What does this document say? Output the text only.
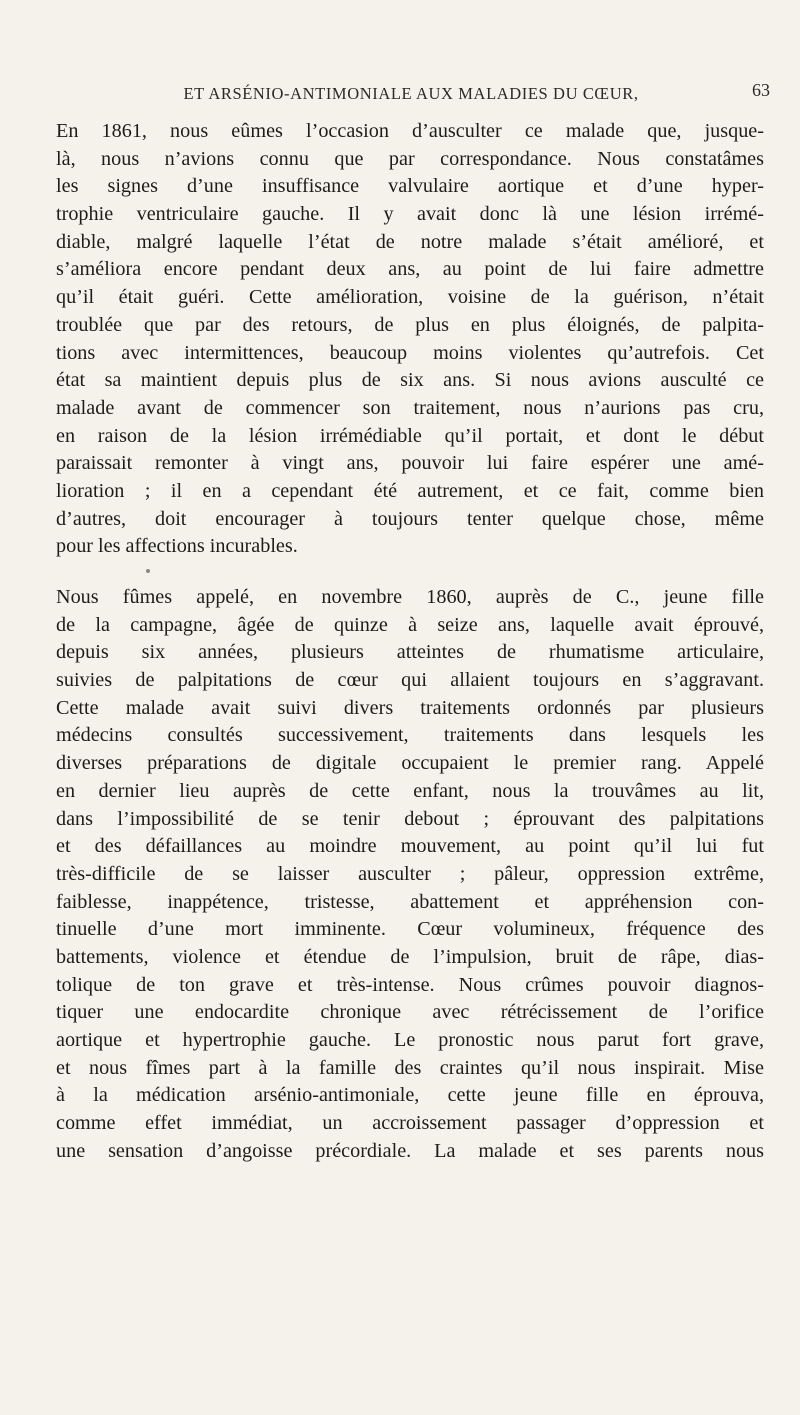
ET ARSÉNIO-ANTIMONIALE AUX MALADIES DU CŒUR,	63
En 1861, nous eûmes l’occasion d’ausculter ce malade que, jusque-
là, nous n’avions connu que par correspondance. Nous constatâmes
les signes d’une insuffisance valvulaire aortique et d’une hyper-
trophie ventriculaire gauche. Il y avait donc là une lésion irrémé-
diable, malgré laquelle l’état de notre malade s’était amélioré, et
s’améliora encore pendant deux ans, au point de lui faire admettre
qu’il était guéri. Cette amélioration, voisine de la guérison, n’était
troublée que par des retours, de plus en plus éloignés, de palpita-
tions avec intermittences, beaucoup moins violentes qu’autrefois. Cet
état sa maintient depuis plus de six ans. Si nous avions ausculté ce
malade avant de commencer son traitement, nous n’aurions pas cru,
en raison de la lésion irrémédiable qu’il portait, et dont le début
paraissait remonter à vingt ans, pouvoir lui faire espérer une amé-
lioration ; il en a cependant été autrement, et ce fait, comme bien
d’autres, doit encourager à toujours tenter quelque chose, même
pour les affections incurables.
Nous fûmes appelé, en novembre 1860, auprès de C., jeune fille
de la campagne, âgée de quinze à seize ans, laquelle avait éprouvé,
depuis six années, plusieurs atteintes de rhumatisme articulaire,
suivies de palpitations de cœur qui allaient toujours en s’aggravant.
Cette malade avait suivi divers traitements ordonnés par plusieurs
médecins consultés successivement, traitements dans lesquels les
diverses préparations de digitale occupaient le premier rang. Appelé
en dernier lieu auprès de cette enfant, nous la trouvâmes au lit,
dans l’impossibilité de se tenir debout ; éprouvant des palpitations
et des défaillances au moindre mouvement, au point qu’il lui fut
très-difficile de se laisser ausculter ; pâleur, oppression extrême,
faiblesse, inappétence, tristesse, abattement et appréhension con-
tinuelle d’une mort imminente. Cœur volumineux, fréquence des
battements, violence et étendue de l’impulsion, bruit de râpe, dias-
tolique de ton grave et très-intense. Nous crûmes pouvoir diagnos-
tiquer une endocardite chronique avec rétrécissement de l’orifice
aortique et hypertrophie gauche. Le pronostic nous parut fort grave,
et nous fîmes part à la famille des craintes qu’il nous inspirait. Mise
à la médication arsénio-antimoniale, cette jeune fille en éprouva,
comme effet immédiat, un accroissement passager d’oppression et
une sensation d’angoisse précordiale. La malade et ses parents nous
